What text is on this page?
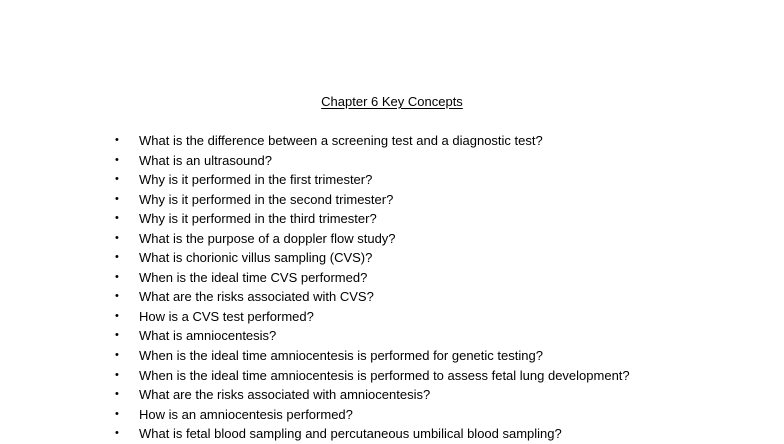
Chapter 6 Key Concepts
• What is the difference between a screening test and a diagnostic test?
• What is an ultrasound?
• Why is it performed in the first trimester?
• Why is it performed in the second trimester?
• Why is it performed in the third trimester?
• What is the purpose of a doppler flow study?
• What is chorionic villus sampling (CVS)?
• When is the ideal time CVS performed?
• What are the risks associated with CVS?
• How is a CVS test performed?
• What is amniocentesis?
• When is the ideal time amniocentesis is performed for genetic testing?
• When is the ideal time amniocentesis is performed to assess fetal lung development?
• What are the risks associated with amniocentesis?
• How is an amniocentesis performed?
• What is fetal blood sampling and percutaneous umbilical blood sampling?
